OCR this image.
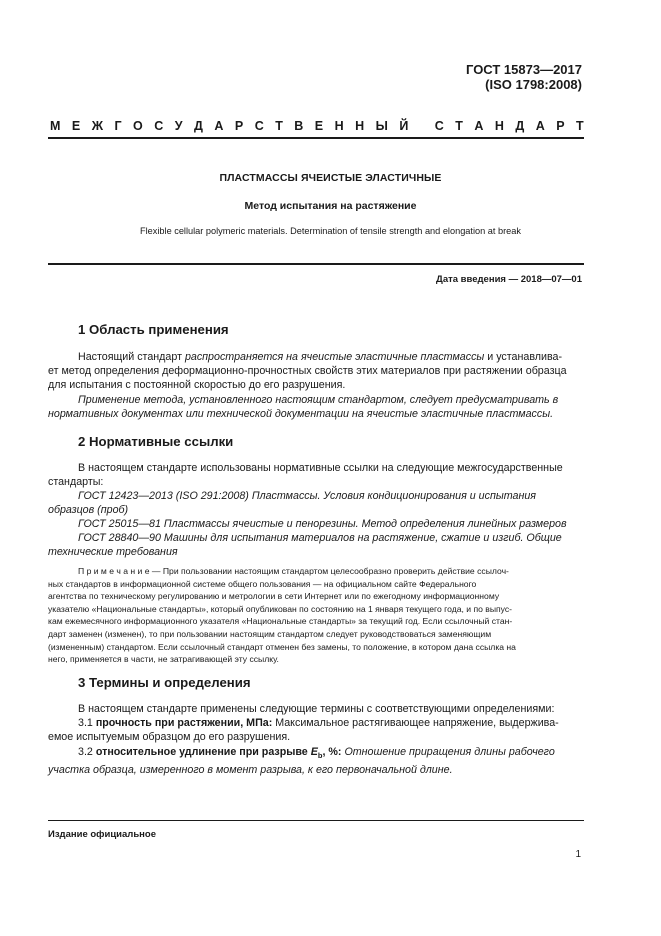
ГОСТ 15873—2017
(ISO 1798:2008)
М Е Ж Г О С У Д А Р С Т В Е Н Н Ы Й
С Т А Н Д А Р Т
ПЛАСТМАССЫ ЯЧЕИСТЫЕ ЭЛАСТИЧНЫЕ
Метод испытания на растяжение
Flexible cellular polymeric materials. Determination of tensile strength and elongation at break
Дата введения — 2018—07—01
1 Область применения
Настоящий стандарт распространяется на ячеистые эластичные пластмассы и устанавлива-
ет метод определения деформационно-прочностных свойств этих материалов при растяжении образца
для испытания с постоянной скоростью до его разрушения.
Применение метода, установленного настоящим стандартом, следует предусматривать в
нормативных документах или технической документации на ячеистые эластичные пластмассы.
2 Нормативные ссылки
В настоящем стандарте использованы нормативные ссылки на следующие межгосударственные
стандарты:
ГОСТ 12423—2013 (ISO 291:2008) Пластмассы. Условия кондиционирования и испытания
образцов (проб)
ГОСТ 25015—81 Пластмассы ячеистые и пенорезины. Метод определения линейных размеров
ГОСТ 28840—90 Машины для испытания материалов на растяжение, сжатие и изгиб. Общие
технические требования
П р и м е ч а н и е — При пользовании настоящим стандартом целесообразно проверить действие ссылоч-
ных стандартов в информационной системе общего пользования — на официальном сайте Федерального
агентства по техническому регулированию и метрологии в сети Интернет или по ежегодному информационному
указателю «Национальные стандарты», который опубликован по состоянию на 1 января текущего года, и по выпус-
кам ежемесячного информационного указателя «Национальные стандарты» за текущий год. Если ссылочный стан-
дарт заменен (изменен), то при пользовании настоящим стандартом следует руководствоваться заменяющим
(измененным) стандартом. Если ссылочный стандарт отменен без замены, то положение, в котором дана ссылка на
него, применяется в части, не затрагивающей эту ссылку.
3 Термины и определения
В настоящем стандарте применены следующие термины с соответствующими определениями:
3.1 прочность при растяжении, МПа: Максимальное растягивающее напряжение, выдержива-
емое испытуемым образцом до его разрушения.
3.2 относительное удлинение при разрыве $E_b$, %: Отношение приращения длины рабочего
участка образца, измеренного в момент разрыва, к его первоначальной длине.
Издание официальное
1
